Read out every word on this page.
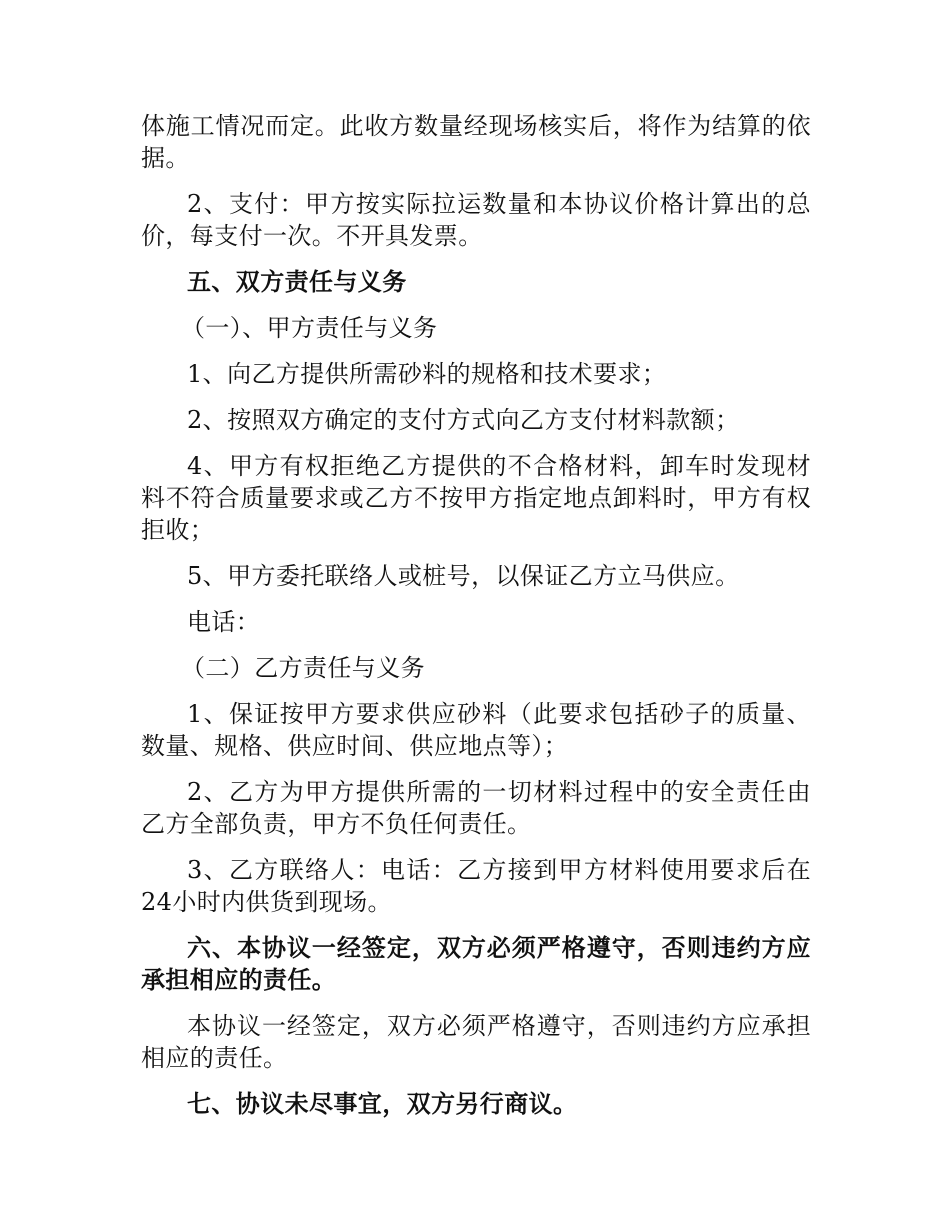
体施工情况而定。此收方数量经现场核实后，将作为结算的依据。

2、支付：甲方按实际拉运数量和本协议价格计算出的总价，每支付一次。不开具发票。

五、双方责任与义务

（一）、甲方责任与义务

1、向乙方提供所需砂料的规格和技术要求；

2、按照双方确定的支付方式向乙方支付材料款额；

4、甲方有权拒绝乙方提供的不合格材料，卸车时发现材料不符合质量要求或乙方不按甲方指定地点卸料时，甲方有权拒收；

5、甲方委托联络人或桩号，以保证乙方立马供应。

电话：

（二）乙方责任与义务

1、保证按甲方要求供应砂料（此要求包括砂子的质量、数量、规格、供应时间、供应地点等）；

2、乙方为甲方提供所需的一切材料过程中的安全责任由乙方全部负责，甲方不负任何责任。

3、乙方联络人：电话：乙方接到甲方材料使用要求后在24小时内供货到现场。

六、本协议一经签定，双方必须严格遵守，否则违约方应承担相应的责任。

本协议一经签定，双方必须严格遵守，否则违约方应承担相应的责任。

七、协议未尽事宜，双方另行商议。
